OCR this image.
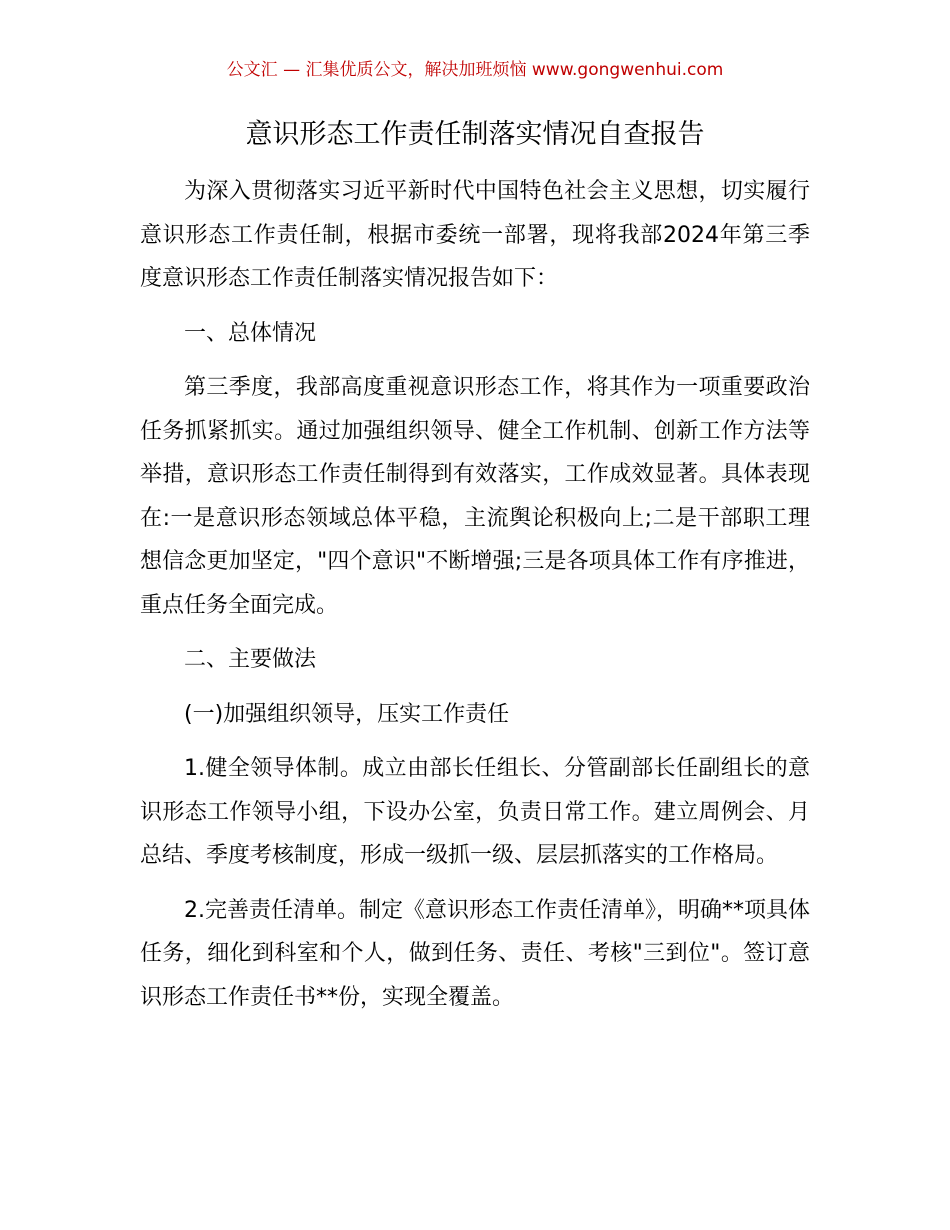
公文汇 — 汇集优质公文，解决加班烦恼 www.gongwenhui.com
意识形态工作责任制落实情况自查报告

为深入贯彻落实习近平新时代中国特色社会主义思想，切实履行意识形态工作责任制，根据市委统一部署，现将我部2024年第三季度意识形态工作责任制落实情况报告如下：

一、总体情况

第三季度，我部高度重视意识形态工作，将其作为一项重要政治任务抓紧抓实。通过加强组织领导、健全工作机制、创新工作方法等举措，意识形态工作责任制得到有效落实，工作成效显著。具体表现在:一是意识形态领域总体平稳，主流舆论积极向上;二是干部职工理想信念更加坚定，"四个意识"不断增强;三是各项具体工作有序推进，重点任务全面完成。

二、主要做法

(一)加强组织领导，压实工作责任

1.健全领导体制。成立由部长任组长、分管副部长任副组长的意识形态工作领导小组，下设办公室，负责日常工作。建立周例会、月总结、季度考核制度，形成一级抓一级、层层抓落实的工作格局。

2.完善责任清单。制定《意识形态工作责任清单》，明确**项具体任务，细化到科室和个人，做到任务、责任、考核"三到位"。签订意识形态工作责任书**份，实现全覆盖。
